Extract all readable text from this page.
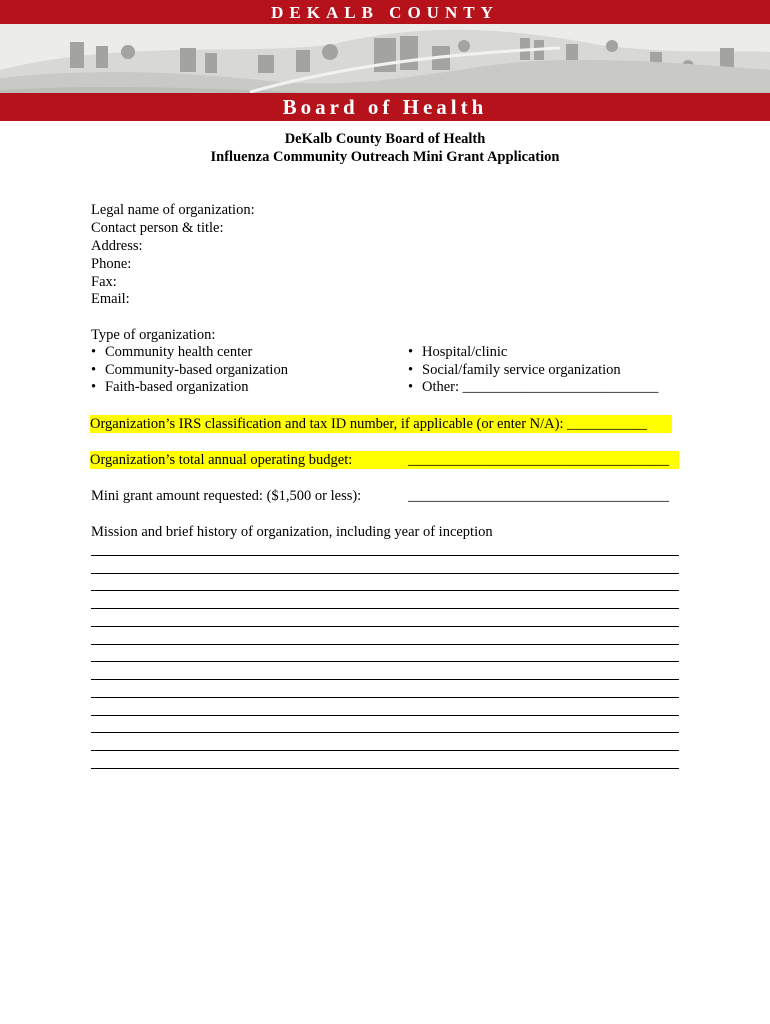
DEKALB COUNTY
Board of Health
DeKalb County Board of Health
Influenza Community Outreach Mini Grant Application
Legal name of organization:
Contact person & title:
Address:
Phone:
Fax:
Email:
Type of organization:
• Community health center
• Community-based organization
• Faith-based organization
• Hospital/clinic
• Social/family service organization
• Other: ___________________________
Organization’s IRS classification and tax ID number, if applicable (or enter N/A): ___________
Organization’s total annual operating budget:	____________________________________
Mini grant amount requested: ($1,500 or less):	____________________________________
Mission and brief history of organization, including year of inception
